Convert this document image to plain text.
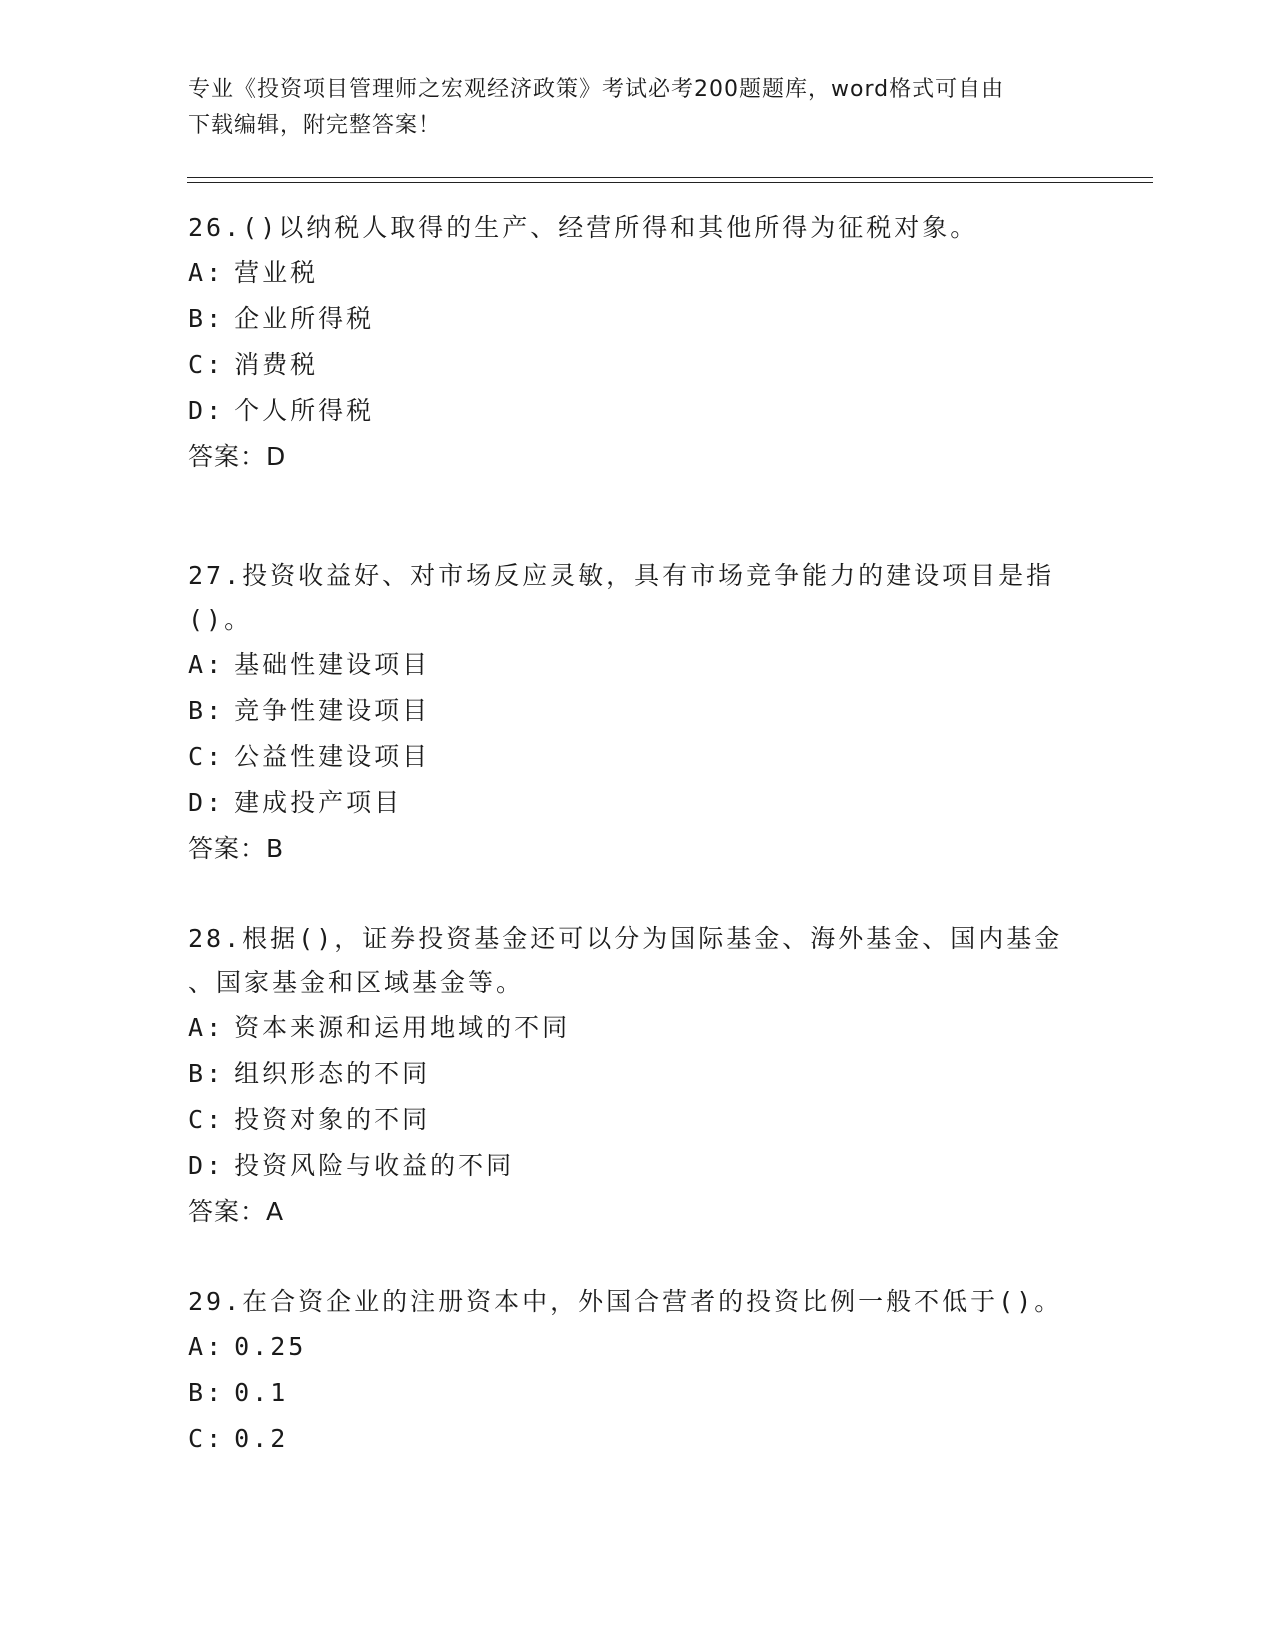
专业《投资项目管理师之宏观经济政策》考试必考200题题库，word格式可自由
下载编辑，附完整答案！

26.()以纳税人取得的生产、经营所得和其他所得为征税对象。

A: 营业税

B: 企业所得税

C: 消费税

D: 个人所得税

答案：D

27.投资收益好、对市场反应灵敏，具有市场竞争能力的建设项目是指

()。

A: 基础性建设项目

B: 竞争性建设项目

C: 公益性建设项目

D: 建成投产项目

答案：B

28.根据()，证券投资基金还可以分为国际基金、海外基金、国内基金

、国家基金和区域基金等。

A: 资本来源和运用地域的不同

B: 组织形态的不同

C: 投资对象的不同

D: 投资风险与收益的不同

答案：A

29.在合资企业的注册资本中，外国合营者的投资比例一般不低于()。

A: 0.25

B: 0.1

C: 0.2
